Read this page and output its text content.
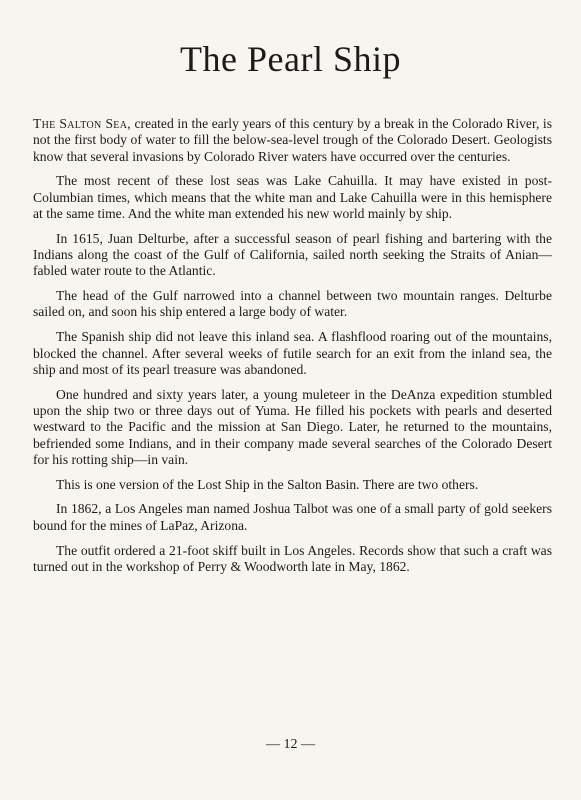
The Pearl Ship

The Salton Sea, created in the early years of this century by a break in the Colorado River, is not the first body of water to fill the below-sea-level trough of the Colorado Desert. Geologists know that several invasions by Colorado River waters have occurred over the centuries.

The most recent of these lost seas was Lake Cahuilla. It may have existed in post-Columbian times, which means that the white man and Lake Cahuilla were in this hemisphere at the same time. And the white man extended his new world mainly by ship.

In 1615, Juan Delturbe, after a successful season of pearl fishing and bartering with the Indians along the coast of the Gulf of California, sailed north seeking the Straits of Anian—fabled water route to the Atlantic.

The head of the Gulf narrowed into a channel between two mountain ranges. Delturbe sailed on, and soon his ship entered a large body of water.

The Spanish ship did not leave this inland sea. A flashflood roaring out of the mountains, blocked the channel. After several weeks of futile search for an exit from the inland sea, the ship and most of its pearl treasure was abandoned.

One hundred and sixty years later, a young muleteer in the DeAnza expedition stumbled upon the ship two or three days out of Yuma. He filled his pockets with pearls and deserted westward to the Pacific and the mission at San Diego. Later, he returned to the mountains, befriended some Indians, and in their company made several searches of the Colorado Desert for his rotting ship—in vain.

This is one version of the Lost Ship in the Salton Basin. There are two others.

In 1862, a Los Angeles man named Joshua Talbot was one of a small party of gold seekers bound for the mines of LaPaz, Arizona.

The outfit ordered a 21-foot skiff built in Los Angeles. Records show that such a craft was turned out in the workshop of Perry & Woodworth late in May, 1862.

— 12 —
